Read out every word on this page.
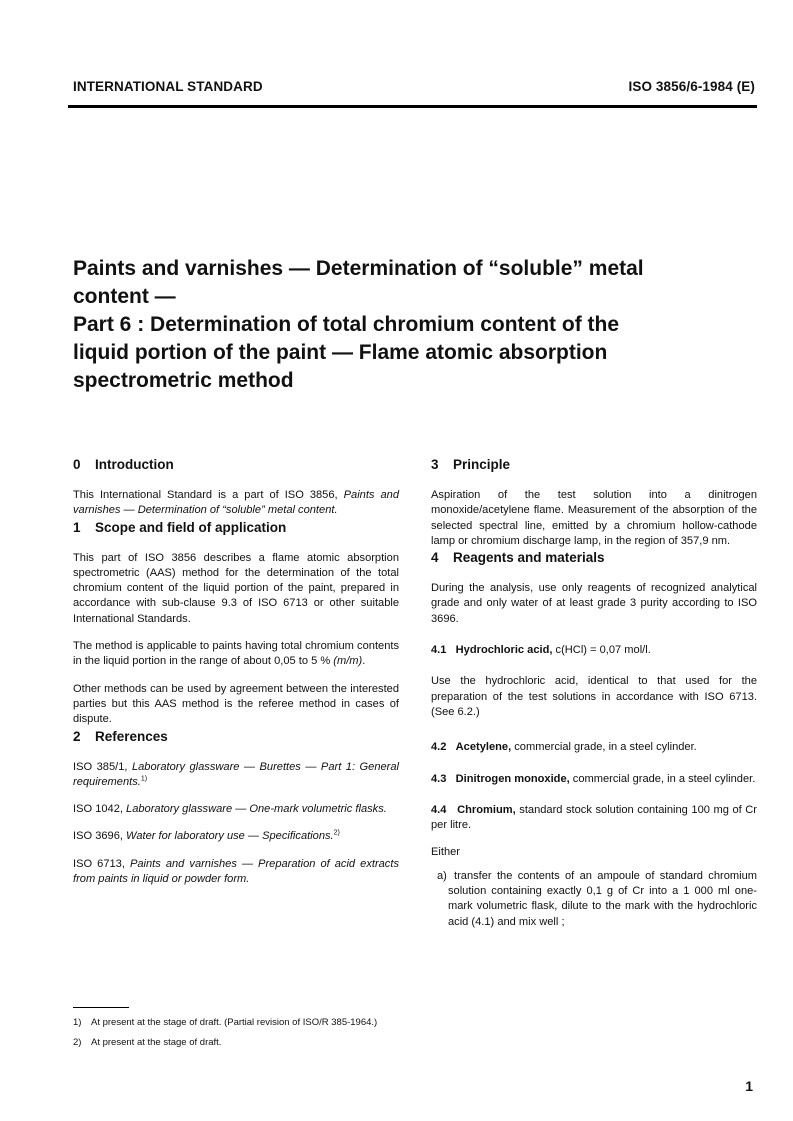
INTERNATIONAL STANDARD	ISO 3856/6-1984 (E)
Paints and varnishes — Determination of “soluble” metal
content —
Part 6 : Determination of total chromium content of the
liquid portion of the paint — Flame atomic absorption
spectrometric method
0 Introduction

This International Standard is a part of ISO 3856, Paints and varnishes — Determination of “soluble” metal content.

1 Scope and field of application

This part of ISO 3856 describes a flame atomic absorption spectrometric (AAS) method for the determination of the total chromium content of the liquid portion of the paint, prepared in accordance with sub-clause 9.3 of ISO 6713 or other suitable International Standards.

The method is applicable to paints having total chromium contents in the liquid portion in the range of about 0,05 to 5 % (m/m).

Other methods can be used by agreement between the interested parties but this AAS method is the referee method in cases of dispute.

2 References

ISO 385/1, Laboratory glassware — Burettes — Part 1: General requirements.$^{1)}$

ISO 1042, Laboratory glassware — One-mark volumetric flasks.

ISO 3696, Water for laboratory use — Specifications.$^{2)}$

ISO 6713, Paints and varnishes — Preparation of acid extracts from paints in liquid or powder form.

3 Principle

Aspiration of the test solution into a dinitrogen monoxide/acetylene flame. Measurement of the absorption of the selected spectral line, emitted by a chromium hollow-cathode lamp or chromium discharge lamp, in the region of 357,9 nm.

4 Reagents and materials

During the analysis, use only reagents of recognized analytical grade and only water of at least grade 3 purity according to ISO 3696.

4.1 Hydrochloric acid, c(HCl) = 0,07 mol/l.

Use the hydrochloric acid, identical to that used for the preparation of the test solutions in accordance with ISO 6713. (See 6.2.)

4.2 Acetylene, commercial grade, in a steel cylinder.

4.3 Dinitrogen monoxide, commercial grade, in a steel cylinder.

4.4 Chromium, standard stock solution containing 100 mg of Cr per litre.

Either

a) transfer the contents of an ampoule of standard chromium solution containing exactly 0,1 g of Cr into a 1 000 ml one-mark volumetric flask, dilute to the mark with the hydrochloric acid (4.1) and mix well ;

1) At present at the stage of draft. (Partial revision of ISO/R 385-1964.)
2) At present at the stage of draft.
1
